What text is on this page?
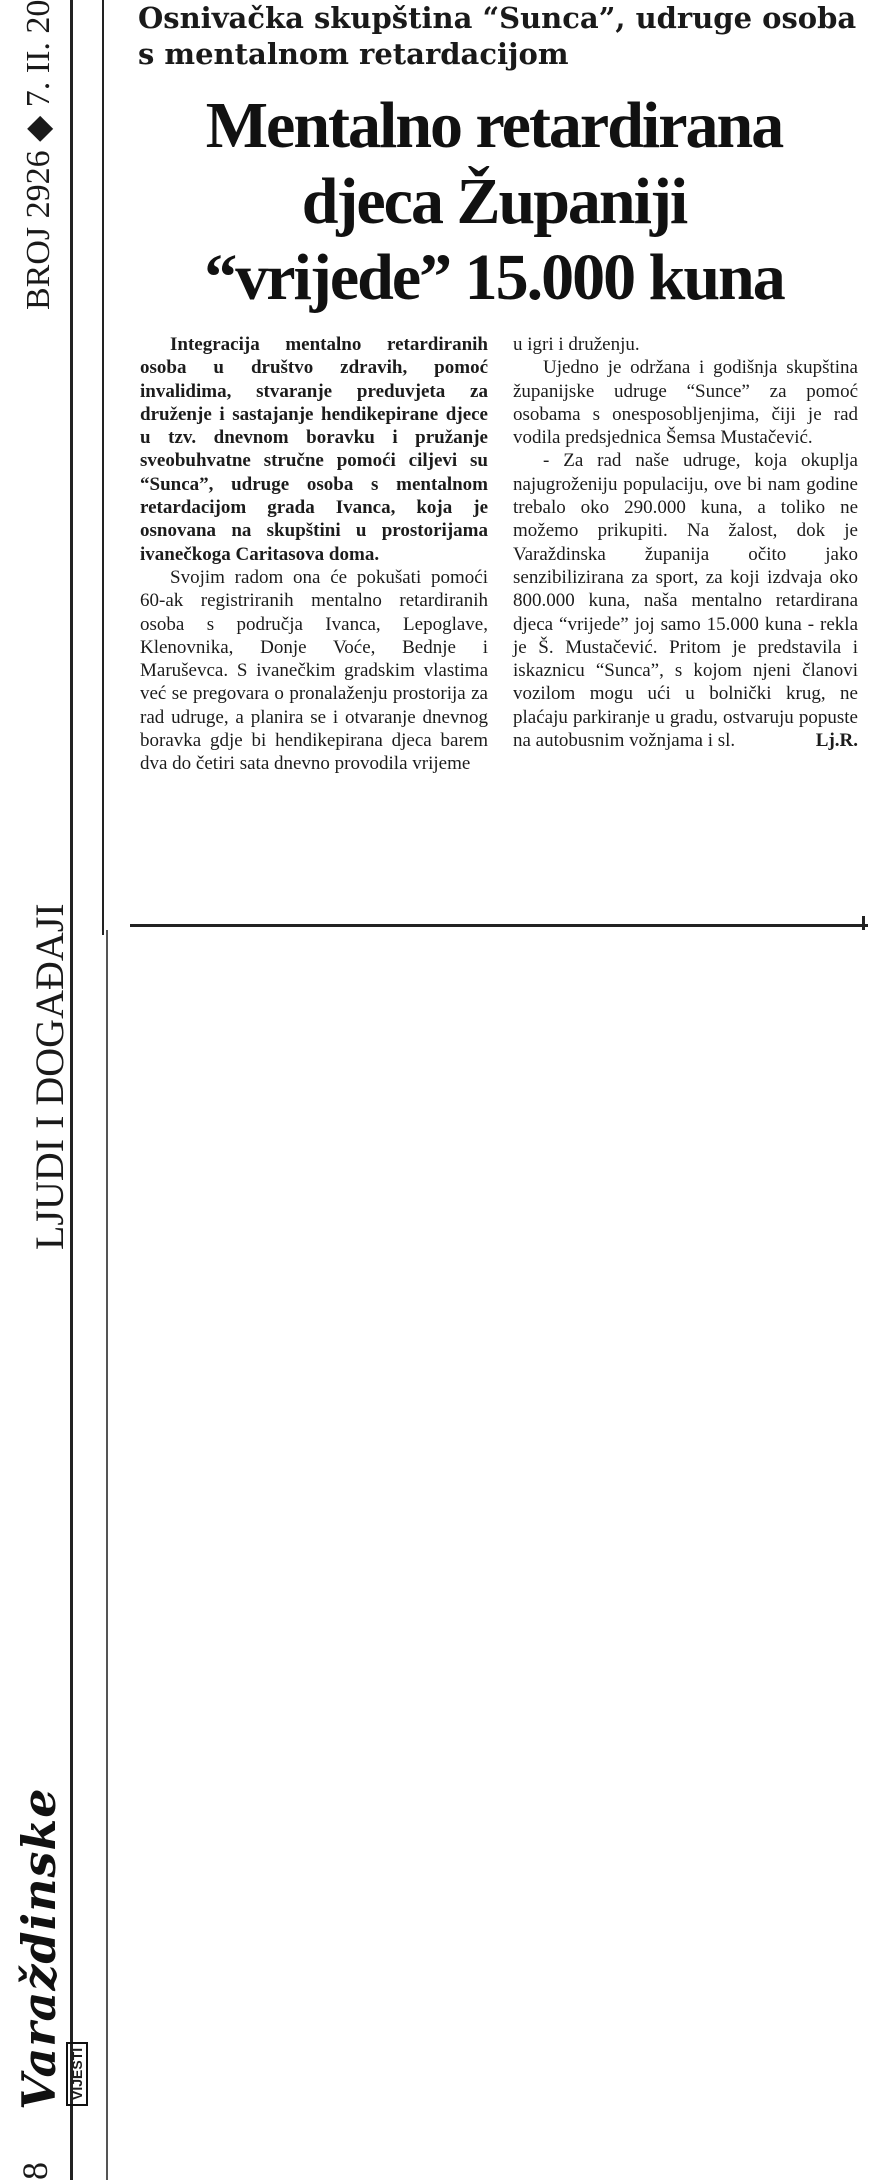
BROJ 2926 ◆ 7. II. 20
LJUDI I DOGAĐAJI
8
Varaždinske VIJESTI
Osnivačka skupština “Sunca”, udruge osoba
s mentalnom retardacijom
Mentalno retardirana
djeca Županiji
“vrijede” 15.000 kuna

Integracija mentalno retardiranih osoba u društvo zdravih, pomoć invalidima, stvaranje preduvjeta za druženje i sastajanje hendikepirane djece u tzv. dnevnom boravku i pružanje sveobuhvatne stručne pomoći ciljevi su “Sunca”, udruge osoba s mentalnom retardacijom grada Ivanca, koja je osnovana na skupštini u prostorijama ivanečkoga Caritasova doma.

Svojim radom ona će pokušati pomoći 60-ak registriranih mentalno retardiranih osoba s područja Ivanca, Lepoglave, Klenovnika, Donje Voće, Bednje i Maruševca. S ivanečkim gradskim vlastima već se pregovara o pronalaženju prostorija za rad udruge, a planira se i otvaranje dnevnog boravka gdje bi hendikepirana djeca barem dva do četiri sata dnevno provodila vrijeme

u igri i druženju.

Ujedno je održana i godišnja skupština županijske udruge “Sunce” za pomoć osobama s onesposobljenjima, čiji je rad vodila predsjednica Šemsa Mustačević.

- Za rad naše udruge, koja okuplja najugroženiju populaciju, ove bi nam godine trebalo oko 290.000 kuna, a toliko ne možemo prikupiti. Na žalost, dok je Varaždinska županija očito jako senzibilizirana za sport, za koji izdvaja oko 800.000 kuna, naša mentalno retardirana djeca “vrijede” joj samo 15.000 kuna - rekla je Š. Mustačević. Pritom je predstavila i iskaznicu “Sunca”, s kojom njeni članovi vozilom mogu ući u bolnički krug, ne plaćaju parkiranje u gradu, ostvaruju popuste na autobusnim vožnjama i sl.	Lj.R.
